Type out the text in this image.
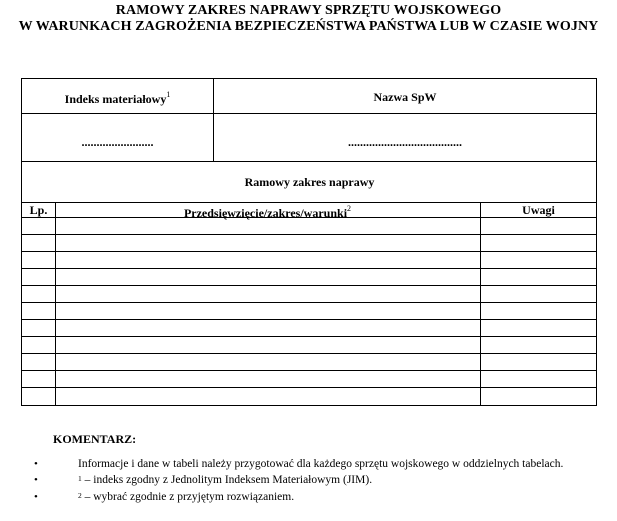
RAMOWY ZAKRES NAPRAWY SPRZĘTU WOJSKOWEGO
W WARUNKACH ZAGROŻENIA BEZPIECZEŃSTWA PAŃSTWA LUB W CZASIE WOJNY
Indeks materiałowy$^1$	Nazwa SpW
........................	......................................
Ramowy zakres naprawy
Lp.	Przedsięwzięcie/zakres/warunki$^2$	Uwagi
KOMENTARZ:
•	Informacje i dane w tabeli należy przygotować dla każdego sprzętu wojskowego w oddzielnych tabelach.
•	$^1$ – indeks zgodny z Jednolitym Indeksem Materiałowym (JIM).
•	$^2$ – wybrać zgodnie z przyjętym rozwiązaniem.
